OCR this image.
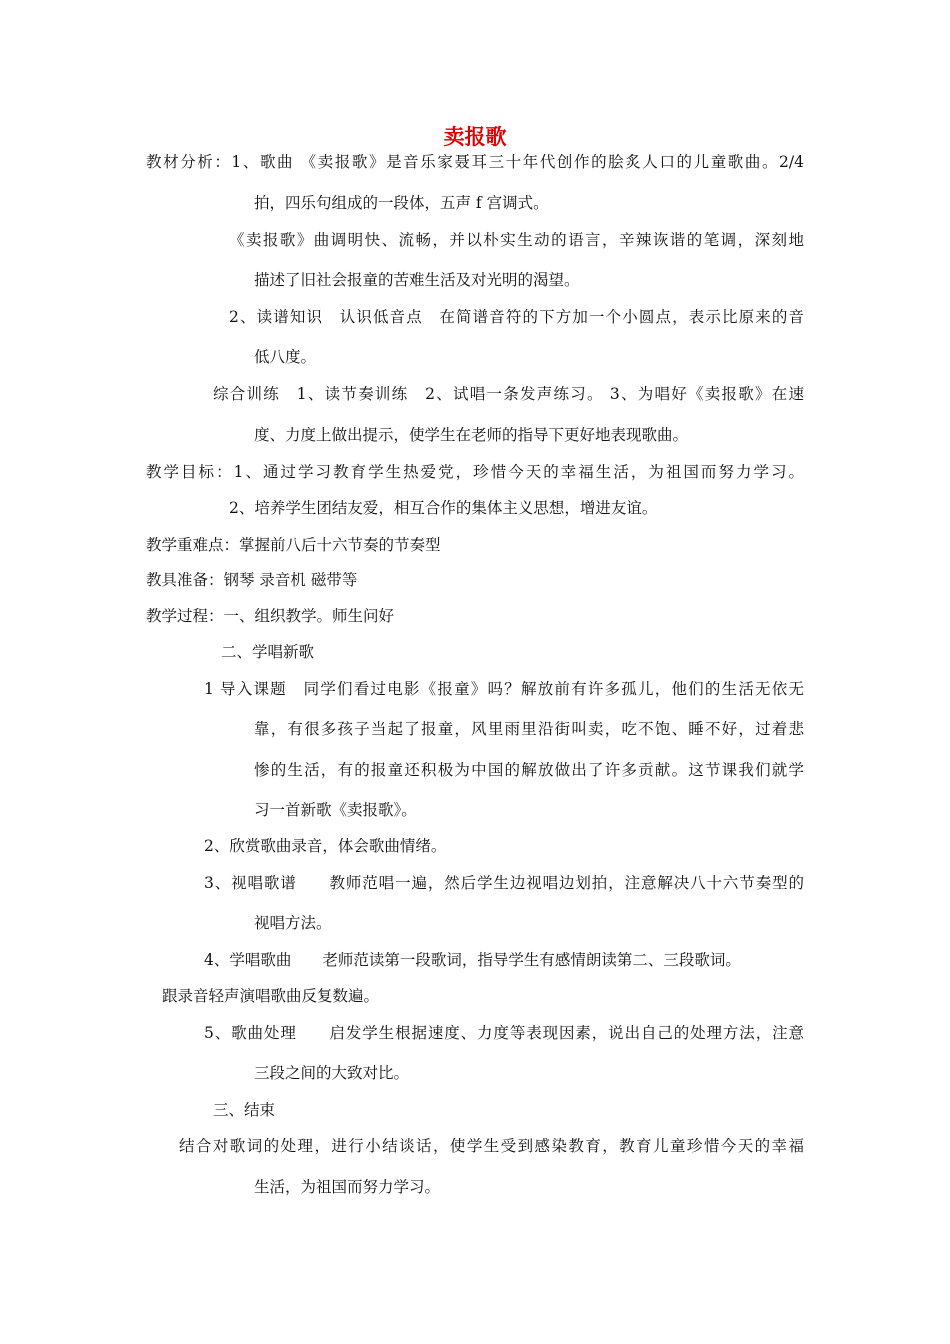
卖报歌
教材分析：1、歌曲 《卖报歌》是音乐家聂耳三十年代创作的脍炙人口的儿童歌曲。2/4
拍，四乐句组成的一段体，五声 f 宫调式。
《卖报歌》曲调明快、流畅，并以朴实生动的语言，辛辣诙谐的笔调，深刻地
描述了旧社会报童的苦难生活及对光明的渴望。
2、读谱知识　认识低音点　在简谱音符的下方加一个小圆点，表示比原来的音
低八度。
综合训练　1、读节奏训练　2、试唱一条发声练习。 3、为唱好《卖报歌》在速
度、力度上做出提示，使学生在老师的指导下更好地表现歌曲。
教学目标：1、通过学习教育学生热爱党，珍惜今天的幸福生活，为祖国而努力学习。
2、培养学生团结友爱，相互合作的集体主义思想，增进友谊。
教学重难点：掌握前八后十六节奏的节奏型
教具准备：钢琴 录音机 磁带等
教学过程：一、组织教学。师生问好
二、学唱新歌
1 导入课题　同学们看过电影《报童》吗？解放前有许多孤儿，他们的生活无依无
靠，有很多孩子当起了报童，风里雨里沿街叫卖，吃不饱、睡不好，过着悲
惨的生活，有的报童还积极为中国的解放做出了许多贡献。这节课我们就学
习一首新歌《卖报歌》。
2、欣赏歌曲录音，体会歌曲情绪。
3、视唱歌谱　　教师范唱一遍，然后学生边视唱边划拍，注意解决八十六节奏型的
视唱方法。
4、学唱歌曲　　老师范读第一段歌词，指导学生有感情朗读第二、三段歌词。
跟录音轻声演唱歌曲反复数遍。
5、歌曲处理　　启发学生根据速度、力度等表现因素，说出自己的处理方法，注意
三段之间的大致对比。
三、结束
结合对歌词的处理，进行小结谈话，使学生受到感染教育，教育儿童珍惜今天的幸福
生活，为祖国而努力学习。
